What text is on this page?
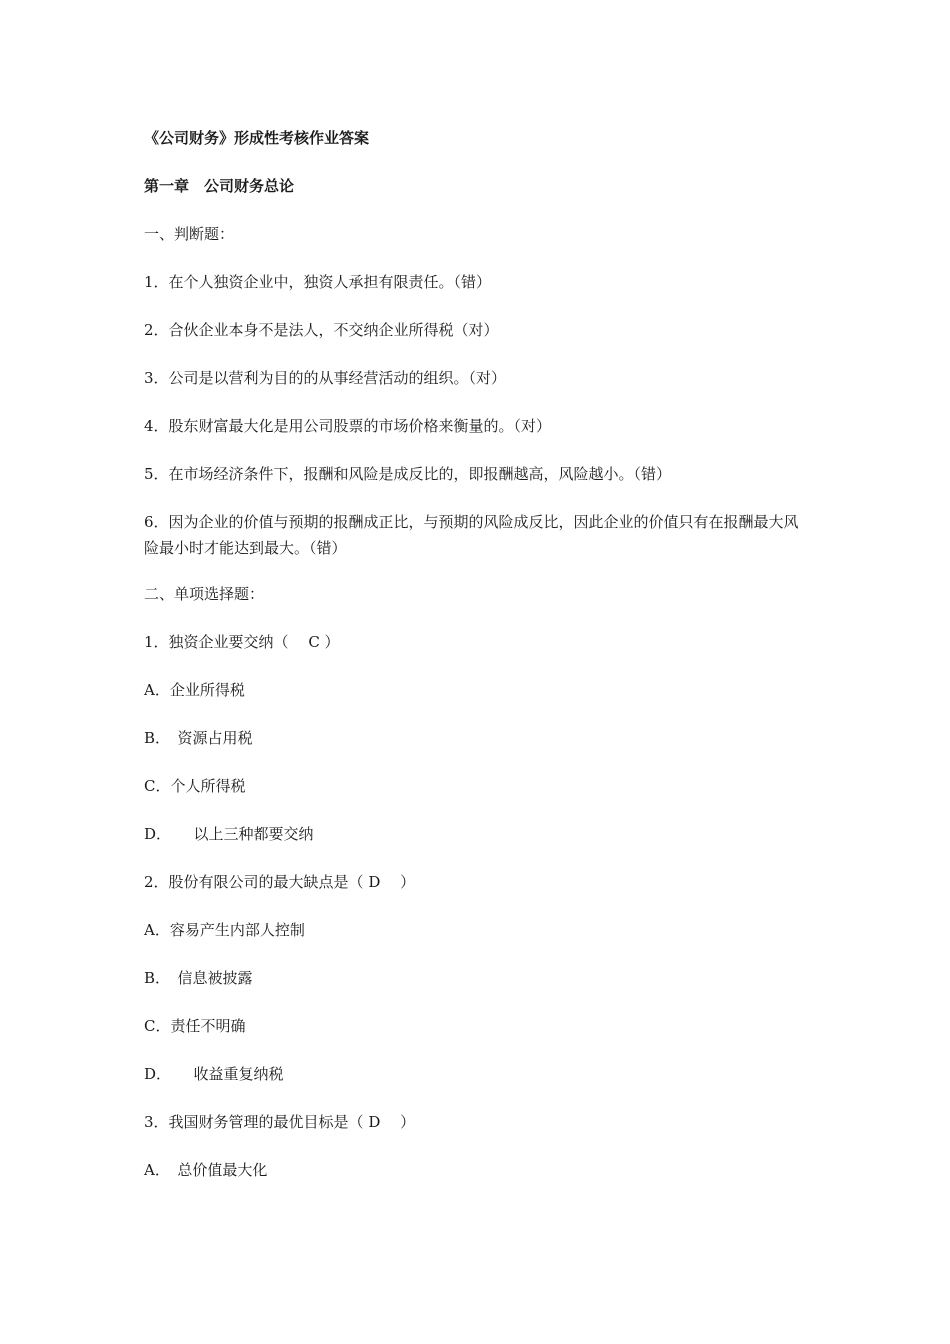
《公司财务》形成性考核作业答案
第一章　公司财务总论
一、判断题：
1．在个人独资企业中，独资人承担有限责任。（错）
2．合伙企业本身不是法人，不交纳企业所得税（对）
3．公司是以营利为目的的从事经营活动的组织。（对）
4．股东财富最大化是用公司股票的市场价格来衡量的。（对）
5．在市场经济条件下，报酬和风险是成反比的，即报酬越高，风险越小。（错）
6．因为企业的价值与预期的报酬成正比，与预期的风险成反比，因此企业的价值只有在报酬最大风险最小时才能达到最大。（错）
二、单项选择题：
1．独资企业要交纳（　 C ）
A．企业所得税
B．　资源占用税
C．个人所得税
D．　　以上三种都要交纳
2．股份有限公司的最大缺点是（ D　 ）
A．容易产生内部人控制
B．　信息被披露
C．责任不明确
D．　　收益重复纳税
3．我国财务管理的最优目标是（ D　 ）
A．　总价值最大化
